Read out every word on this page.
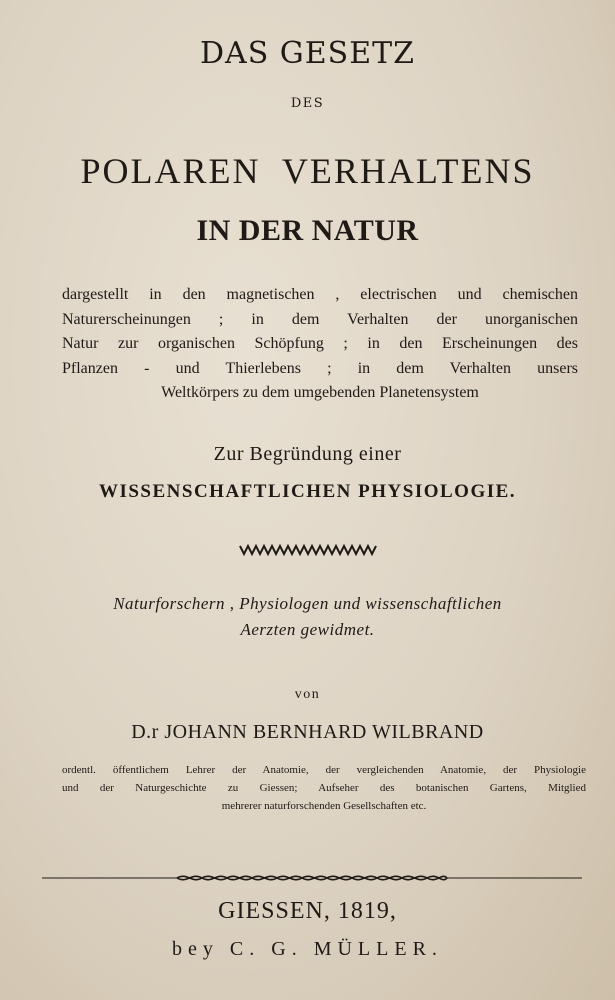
DAS GESETZ
DES
POLAREN  VERHALTENS
IN DER NATUR
dargestellt in den magnetischen , electrischen und chemischen
Naturerscheinungen ; in dem Verhalten der unorganischen
Natur zur organischen Schöpfung ; in den Erscheinungen des
Pflanzen - und Thierlebens ; in dem Verhalten unsers
Weltkörpers zu dem umgebenden Planetensystem
Zur Begründung einer
WISSENSCHAFTLICHEN PHYSIOLOGIE.
Naturforschern , Physiologen und wissenschaftlichen
Aerzten gewidmet.
von
D.r JOHANN BERNHARD WILBRAND
ordentl. öffentlichem Lehrer der Anatomie, der vergleichenden Anatomie, der Physiologie
und der Naturgeschichte zu Giessen; Aufseher des botanischen Gartens, Mitglied
mehrerer naturforschenden Gesellschaften etc.
GIESSEN, 1819,
bey C. G. MÜLLER.
